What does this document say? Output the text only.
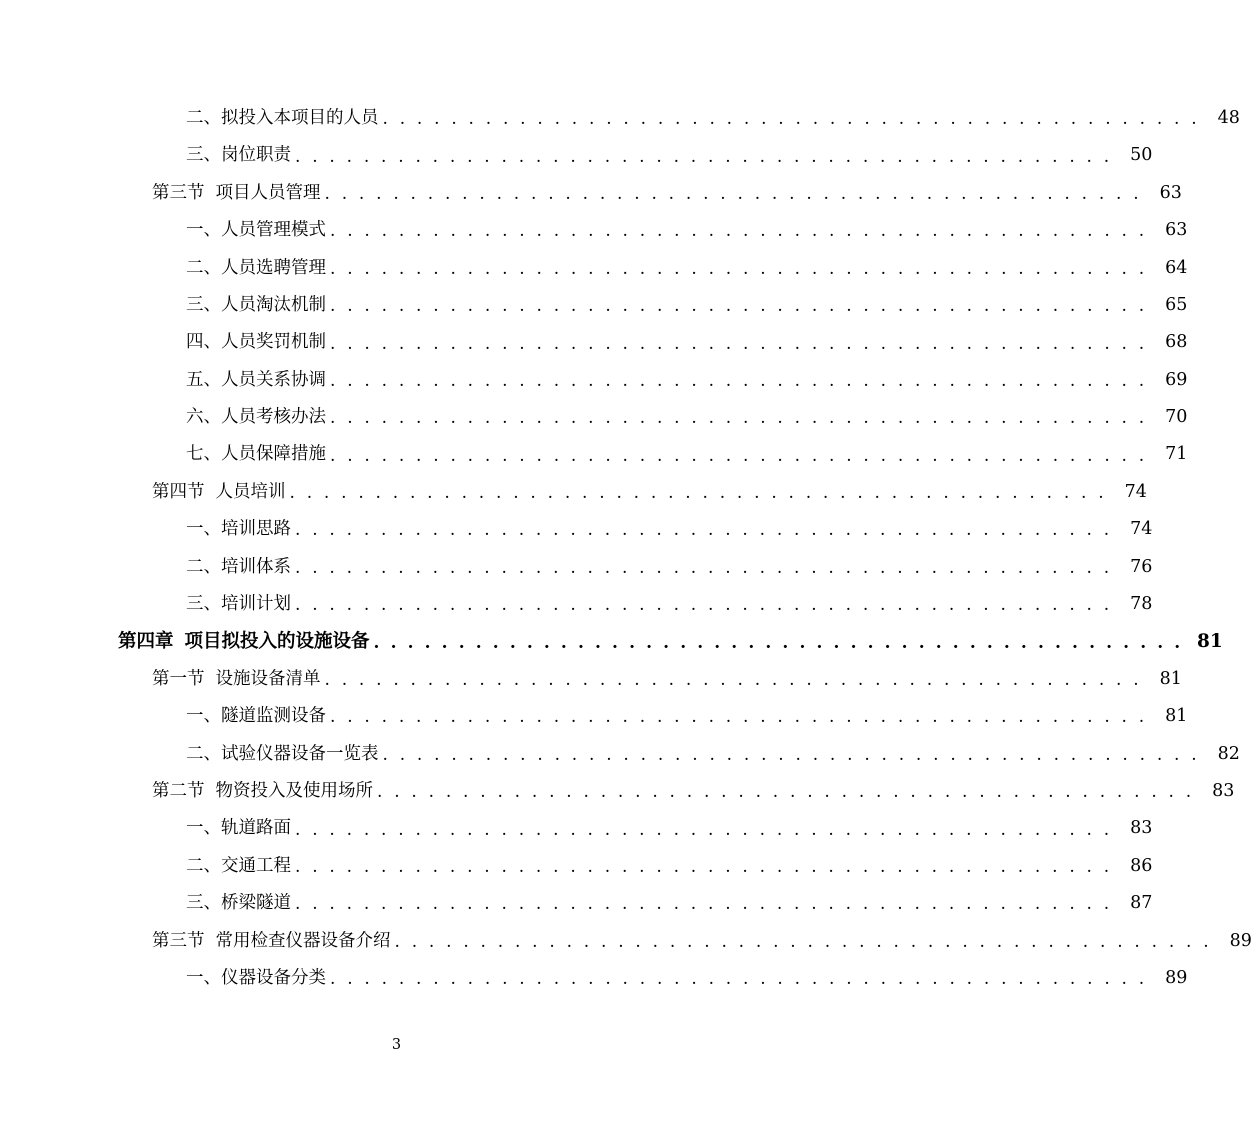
二、 拟投入本项目的人员 . . . . . . . . . . . . . . . . . . . . . . . . . . . . . . . . . . . . . . . . . . . . . . . .	48
三、 岗位职责 . . . . . . . . . . . . . . . . . . . . . . . . . . . . . . . . . . . . . . . . . . . . . . . .	50
第三节 项目人员管理 . . . . . . . . . . . . . . . . . . . . . . . . . . . . . . . . . . . . . . . . . . . . . . . .	63
一、 人员管理模式 . . . . . . . . . . . . . . . . . . . . . . . . . . . . . . . . . . . . . . . . . . . . . . . .	63
二、 人员选聘管理 . . . . . . . . . . . . . . . . . . . . . . . . . . . . . . . . . . . . . . . . . . . . . . . .	64
三、 人员淘汰机制 . . . . . . . . . . . . . . . . . . . . . . . . . . . . . . . . . . . . . . . . . . . . . . . .	65
四、 人员奖罚机制 . . . . . . . . . . . . . . . . . . . . . . . . . . . . . . . . . . . . . . . . . . . . . . . .	68
五、 人员关系协调 . . . . . . . . . . . . . . . . . . . . . . . . . . . . . . . . . . . . . . . . . . . . . . . .	69
六、 人员考核办法 . . . . . . . . . . . . . . . . . . . . . . . . . . . . . . . . . . . . . . . . . . . . . . . .	70
七、 人员保障措施 . . . . . . . . . . . . . . . . . . . . . . . . . . . . . . . . . . . . . . . . . . . . . . . .	71
第四节 人员培训 . . . . . . . . . . . . . . . . . . . . . . . . . . . . . . . . . . . . . . . . . . . . . . . .	74
一、 培训思路 . . . . . . . . . . . . . . . . . . . . . . . . . . . . . . . . . . . . . . . . . . . . . . . .	74
二、 培训体系 . . . . . . . . . . . . . . . . . . . . . . . . . . . . . . . . . . . . . . . . . . . . . . . .	76
三、 培训计划 . . . . . . . . . . . . . . . . . . . . . . . . . . . . . . . . . . . . . . . . . . . . . . . .	78
第四章 项目拟投入的设施设备 . . . . . . . . . . . . . . . . . . . . . . . . . . . . . . . . . . . . . . . . . . . . . . . . 81
第一节 设施设备清单 . . . . . . . . . . . . . . . . . . . . . . . . . . . . . . . . . . . . . . . . . . . . . . . .	81
一、 隧道监测设备 . . . . . . . . . . . . . . . . . . . . . . . . . . . . . . . . . . . . . . . . . . . . . . . .	81
二、 试验仪器设备一览表 . . . . . . . . . . . . . . . . . . . . . . . . . . . . . . . . . . . . . . . . . . . . . . . .	82
第二节 物资投入及使用场所 . . . . . . . . . . . . . . . . . . . . . . . . . . . . . . . . . . . . . . . . . . . . . . . .	83
一、 轨道路面 . . . . . . . . . . . . . . . . . . . . . . . . . . . . . . . . . . . . . . . . . . . . . . . .	83
二、 交通工程 . . . . . . . . . . . . . . . . . . . . . . . . . . . . . . . . . . . . . . . . . . . . . . . .	86
三、 桥梁隧道 . . . . . . . . . . . . . . . . . . . . . . . . . . . . . . . . . . . . . . . . . . . . . . . .	87
第三节 常用检查仪器设备介绍 . . . . . . . . . . . . . . . . . . . . . . . . . . . . . . . . . . . . . . . . . . . . . . . .	89
一、 仪器设备分类 . . . . . . . . . . . . . . . . . . . . . . . . . . . . . . . . . . . . . . . . . . . . . . . .	89
3
